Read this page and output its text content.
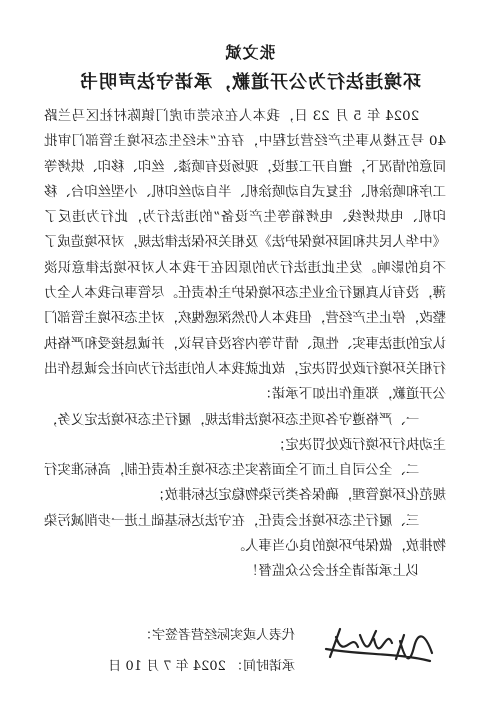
张文斌
环境违法行为公开道歉，承诺守法声明书

2024 年 5 月 23 日，我本人在东莞市虎门镇陈村社区马兰路 40 号五楼从事生产经营过程中，存在“未经生态环境主管部门审批同意的情况下，擅自开工建设，现场设有喷漆、丝印、移印、烘烤等工序和喷涂机、往复式自动喷涂机、半自动丝印机、小型丝印台、移印机、电烘烤线、电烤箱等生产设备”的违法行为，此行为违反了《中华人民共和国环境保护法》及相关环保法律法规，对环境造成了不良的影响。发生此违法行为的原因在于我本人对环境法律意识淡薄，没有认真履行企业生态环境保护主体责任。尽管事后我本人全力整改，停止生产经营，但我本人仍然深感愧疚，对生态环境主管部门认定的违法事实、性质、情节等内容没有异议，并诚恳接受和严格执行相关环境行政处罚决定，故此就我本人的违法行为向社会诚恳作出公开道歉，郑重作出如下承诺：

一、严格遵守各项生态环境法律法规，履行生态环境法定义务，主动执行环境行政处罚决定；

二、全公司自上而下全面落实生态环境主体责任制，高标准实行规范化环境管理，确保各类污染物稳定达标排放；

三、履行生态环境社会责任，在守法达标基础上进一步削减污染物排放，做保护环境的良心当事人。

以上承诺请全社会公众监督！

代表人或实际经营者签字：
承诺时间： 2024 年 7 月 10 日
